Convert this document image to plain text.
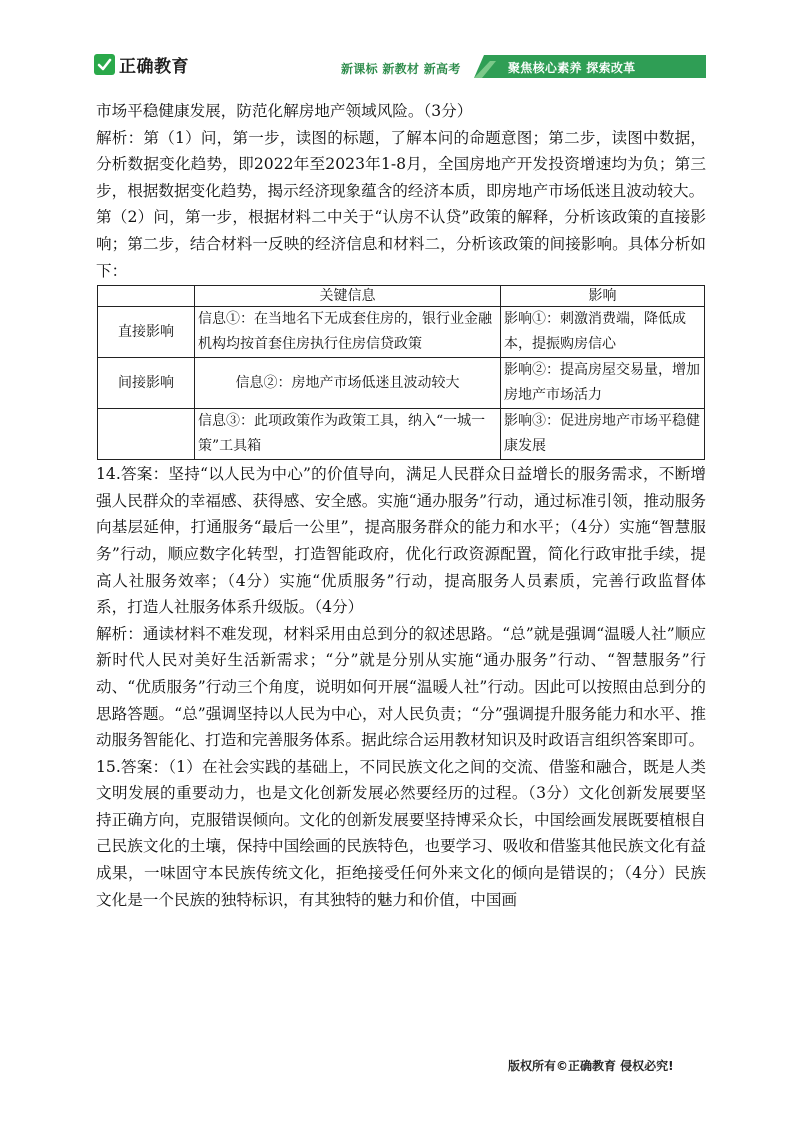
正确教育	新课标 新教材 新高考	聚焦核心素养 探索改革

市场平稳健康发展，防范化解房地产领域风险。（3分）

解析：第（1）问，第一步，读图的标题，了解本问的命题意图；第二步，读图中数据，分析数据变化趋势，即2022年至2023年1-8月，全国房地产开发投资增速均为负；第三步，根据数据变化趋势，揭示经济现象蕴含的经济本质，即房地产市场低迷且波动较大。

第（2）问，第一步，根据材料二中关于“认房不认贷”政策的解释，分析该政策的直接影响；第二步，结合材料一反映的经济信息和材料二，分析该政策的间接影响。具体分析如下：

	关键信息	影响
直接影响	信息①：在当地名下无成套住房的，银行业金融机构均按首套住房执行住房信贷政策	影响①：刺激消费端，降低成本，提振购房信心
间接影响	信息②：房地产市场低迷且波动较大	影响②：提高房屋交易量，增加房地产市场活力
	信息③：此项政策作为政策工具，纳入“一城一策”工具箱	影响③：促进房地产市场平稳健康发展

14.答案：坚持“以人民为中心”的价值导向，满足人民群众日益增长的服务需求，不断增强人民群众的幸福感、获得感、安全感。实施“通办服务”行动，通过标准引领，推动服务向基层延伸，打通服务“最后一公里”，提高服务群众的能力和水平；（4分）实施“智慧服务”行动，顺应数字化转型，打造智能政府，优化行政资源配置，简化行政审批手续，提高人社服务效率；（4分）实施“优质服务”行动，提高服务人员素质，完善行政监督体系，打造人社服务体系升级版。（4分）

解析：通读材料不难发现，材料采用由总到分的叙述思路。“总”就是强调“温暖人社”顺应新时代人民对美好生活新需求；“分”就是分别从实施“通办服务”行动、“智慧服务”行动、“优质服务”行动三个角度，说明如何开展“温暖人社”行动。因此可以按照由总到分的思路答题。“总”强调坚持以人民为中心，对人民负责；“分”强调提升服务能力和水平、推动服务智能化、打造和完善服务体系。据此综合运用教材知识及时政语言组织答案即可。

15.答案：（1）在社会实践的基础上，不同民族文化之间的交流、借鉴和融合，既是人类文明发展的重要动力，也是文化创新发展必然要经历的过程。（3分）文化创新发展要坚持正确方向，克服错误倾向。文化的创新发展要坚持博采众长，中国绘画发展既要植根自己民族文化的土壤，保持中国绘画的民族特色，也要学习、吸收和借鉴其他民族文化有益成果，一味固守本民族传统文化，拒绝接受任何外来文化的倾向是错误的；（4分）民族文化是一个民族的独特标识，有其独特的魅力和价值，中国画

版权所有©正确教育 侵权必究!
